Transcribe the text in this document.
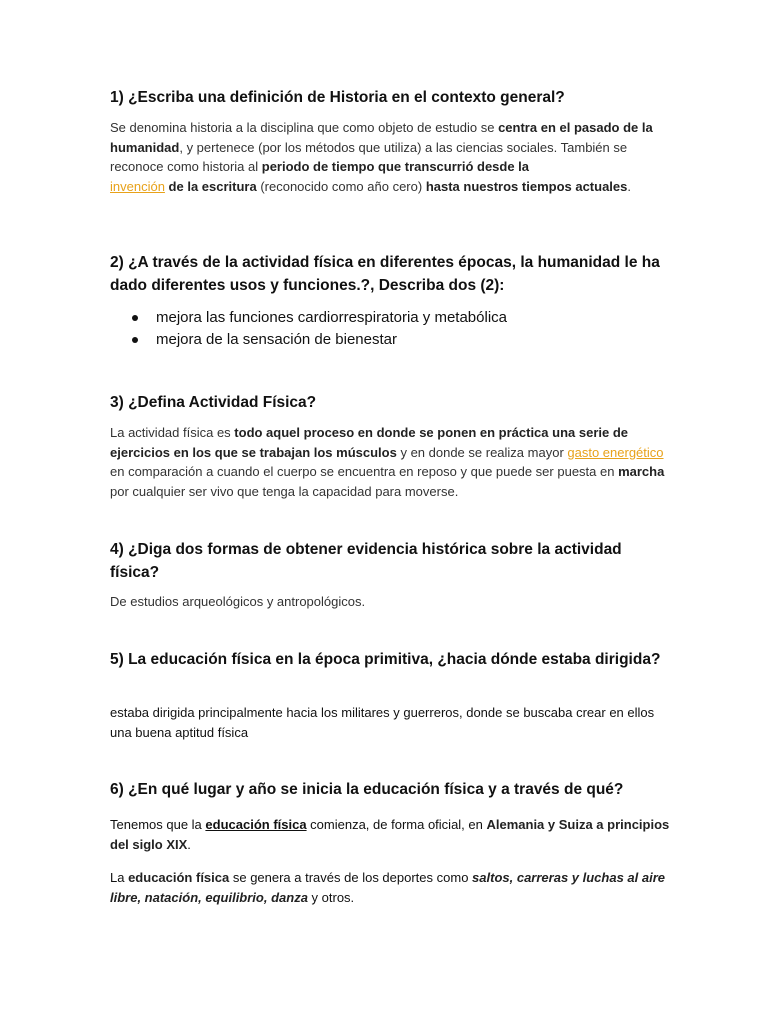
1) ¿Escriba una definición de Historia en el contexto general?
Se denomina historia a la disciplina que como objeto de estudio se centra en el pasado de la humanidad, y pertenece (por los métodos que utiliza) a las ciencias sociales. También se reconoce como historia al periodo de tiempo que transcurrió desde la
invención de la escritura (reconocido como año cero) hasta nuestros tiempos actuales.
2) ¿A través de la actividad física en diferentes épocas, la humanidad le ha dado diferentes usos y funciones.?, Describa dos (2):
mejora las funciones cardiorrespiratoria y metabólica
mejora de la sensación de bienestar
3) ¿Defina Actividad Física?
La actividad física es todo aquel proceso en donde se ponen en práctica una serie de ejercicios en los que se trabajan los músculos y en donde se realiza mayor gasto energético en comparación a cuando el cuerpo se encuentra en reposo y que puede ser puesta en marcha por cualquier ser vivo que tenga la capacidad para moverse.
4) ¿Diga dos formas de obtener evidencia histórica sobre la actividad física?
De estudios arqueológicos y antropológicos.
5) La educación física en la época primitiva, ¿hacia dónde estaba dirigida?
estaba dirigida principalmente hacia los militares y guerreros, donde se buscaba crear en ellos una buena aptitud física
6) ¿En qué lugar y año se inicia la educación física y a través de qué?
Tenemos que la educación física comienza, de forma oficial, en Alemania y Suiza a principios del siglo XIX.
La educación física se genera a través de los deportes como saltos, carreras y luchas al aire libre, natación, equilibrio, danza y otros.
